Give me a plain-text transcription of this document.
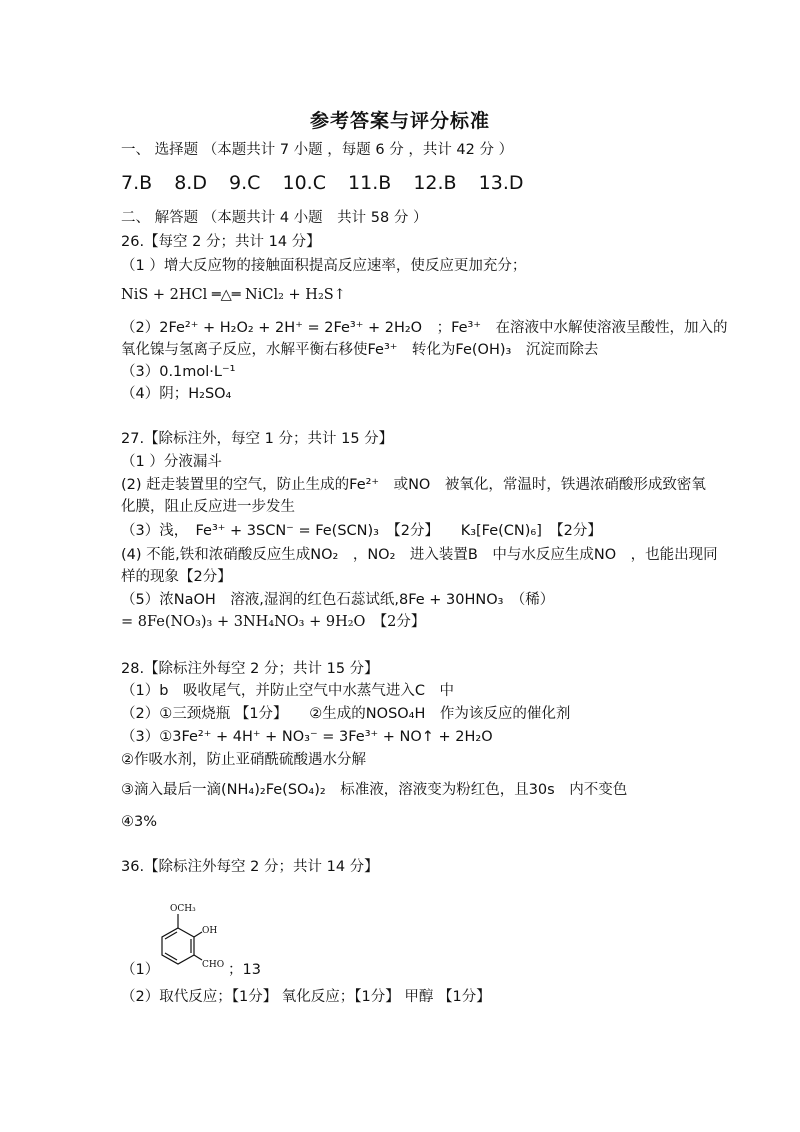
参考答案与评分标准
一、 选择题 （本题共计 7 小题 ，每题 6 分 ，共计 42 分 ）
7.B 8.D 9.C 10.C 11.B 12.B 13.D
二、 解答题 （本题共计 4 小题　共计 58 分 ）
26.【每空 2 分；共计 14 分】
（1 ）增大反应物的接触面积提高反应速率，使反应更加充分；
NiS + 2HCl ═△═ NiCl₂ + H₂S↑
（2）2Fe²⁺ + H₂O₂ + 2H⁺ = 2Fe³⁺ + 2H₂O　；Fe³⁺　在溶液中水解使溶液呈酸性，加入的
氧化镍与氢离子反应，水解平衡右移使Fe³⁺　转化为Fe(OH)₃　沉淀而除去
（3）0.1mol·L⁻¹
（4）阴；H₂SO₄
27.【除标注外，每空 1 分；共计 15 分】
（1 ）分液漏斗
(2) 赶走装置里的空气，防止生成的Fe²⁺　或NO　被氧化，常温时，铁遇浓硝酸形成致密氧
化膜，阻止反应进一步发生
（3）浅，　Fe³⁺ + 3SCN⁻ = Fe(SCN)₃　【2分】　　K₃[Fe(CN)₆]　【2分】
(4) 不能,铁和浓硝酸反应生成NO₂　，NO₂　进入装置B　中与水反应生成NO　，也能出现同
样的现象【2分】
（5）浓NaOH　溶液,湿润的红色石蕊试纸,8Fe + 30HNO₃　（稀）
= 8Fe(NO₃)₃ + 3NH₄NO₃ + 9H₂O　【2分】
28.【除标注外每空 2 分；共计 15 分】
（1）b　吸收尾气，并防止空气中水蒸气进入C　中
（2）①三颈烧瓶 【1分】　　②生成的NOSO₄H　作为该反应的催化剂
（3）①3Fe²⁺ + 4H⁺ + NO₃⁻ = 3Fe³⁺ + NO↑ + 2H₂O
②作吸水剂，防止亚硝酰硫酸遇水分解
③滴入最后一滴(NH₄)₂Fe(SO₄)₂　标准液，溶液变为粉红色，且30s　内不变色
④3%
36.【除标注外每空 2 分；共计 14 分】
OCH₃
OH
CHO
（1）	；13
（2）取代反应；【1分】 氧化反应；【1分】 甲醇 【1分】
